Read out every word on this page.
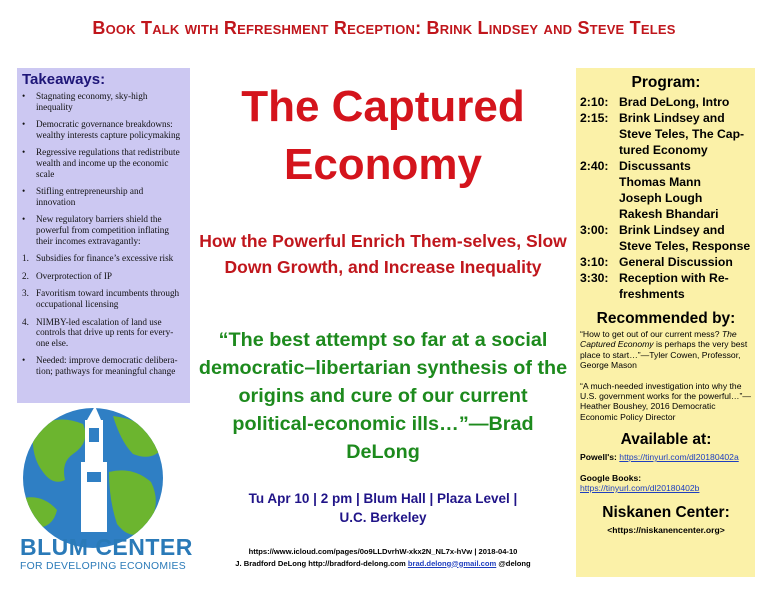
Book Talk with Refreshment Reception: Brink Lindsey and Steve Teles
Takeaways:
• Stagnating economy, sky-high inequality
• Democratic governance breakdowns: wealthy interests capture policymaking
• Regressive regulations that redistribute wealth and income up the economic scale
• Stifling entrepreneurship and innovation
• New regulatory barriers shield the powerful from competition inflating their incomes extravagantly:
1. Subsidies for finance’s excessive risk
2. Overprotection of IP
3. Favoritism toward incumbents through occupational licensing
4. NIMBY-led escalation of land use controls that drive up rents for every-one else.
• Needed: improve democratic delibera-tion; pathways for meaningful change
The Captured
Economy
How the Powerful Enrich Them-selves, Slow Down Growth, and Increase Inequality
“The best attempt so far at a social democratic–libertarian synthesis of the origins and cure of our current political-economic ills…”—Brad DeLong
Tu Apr 10 | 2 pm | Blum Hall | Plaza Level |
U.C. Berkeley
https://www.icloud.com/pages/0o9LLDvrhW-xkx2N_NL7x-hVw | 2018-04-10
J. Bradford DeLong http://bradford-delong.com brad.delong@gmail.com @delong
BLUM CENTER
FOR DEVELOPING ECONOMIES
Program:
2:10: Brad DeLong, Intro
2:15: Brink Lindsey and Steve Teles, The Cap-tured Economy
2:40: Discussants
Thomas Mann
Joseph Lough
Rakesh Bhandari
3:00: Brink Lindsey and Steve Teles, Response
3:10: General Discussion
3:30: Reception with Re-freshments
Recommended by:
“How to get out of our current mess? The Captured Economy is perhaps the very best place to start…”—Tyler Cowen, Professor, George Mason
“A much-needed investigation into why the U.S. government works for the powerful…”—Heather Boushey, 2016 Democratic Economic Policy Director
Available at:
Powell's: https://tinyurl.com/dl20180402a
Google Books: https://tinyurl.com/dl20180402b
Niskanen Center:
<https://niskanencenter.org>
